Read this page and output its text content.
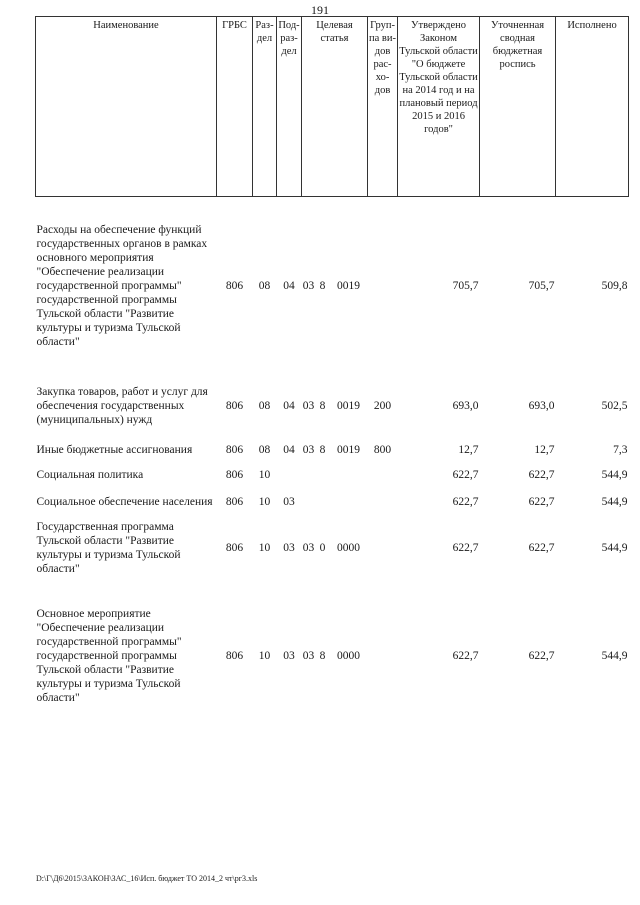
191
Наименование	ГРБС	Раз-дел	Под-раз-дел	Целевая статья			Груп-па ви-дов рас-хо-дов	Утверждено Законом Тульской области "О бюджете Тульской области на 2014 год и на плановый период 2015 и 2016 годов"	Уточненная сводная бюджетная роспись	Исполнено

Расходы на обеспечение функций государственных органов в рамках основного мероприятия "Обеспечение реализации государственной программы" государственной программы Тульской области "Развитие культуры и туризма Тульской области"	806	08	04	03	8	0019		705,7	705,7	509,8

Закупка товаров, работ и услуг для обеспечения государственных (муниципальных) нужд	806	08	04	03	8	0019	200	693,0	693,0	502,5
Иные бюджетные ассигнования	806	08	04	03	8	0019	800	12,7	12,7	7,3
Социальная политика	806	10						622,7	622,7	544,9
Социальное обеспечение населения	806	10	03					622,7	622,7	544,9
Государственная программа Тульской области "Развитие культуры и туризма Тульской области"	806	10	03	03	0	0000		622,7	622,7	544,9

Основное мероприятие "Обеспечение реализации государственной программы" государственной программы Тульской области "Развитие культуры и туризма Тульской области"	806	10	03	03	8	0000		622,7	622,7	544,9
D:\Г\Д6\2015\ЗАКОН\ЗАС_16\Исп. бюджет ТО 2014_2 чт\рг3.xls
